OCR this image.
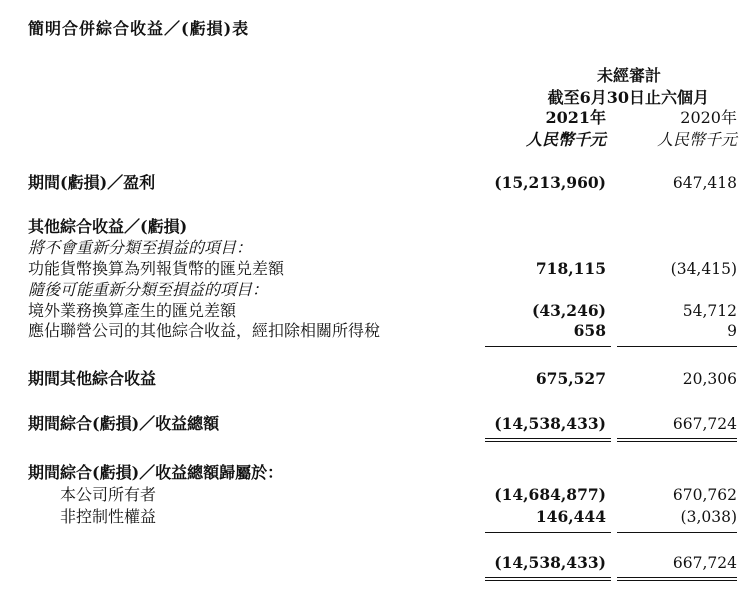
簡明合併綜合收益／(虧損)表
未經審計
截至6月30日止六個月
2021年	2020年
人民幣千元	人民幣千元
期間(虧損)／盈利	(15,213,960)	647,418
其他綜合收益／(虧損)
將不會重新分類至損益的項目：
功能貨幣換算為列報貨幣的匯兑差額	718,115	(34,415)
隨後可能重新分類至損益的項目：
境外業務換算產生的匯兑差額	(43,246)	54,712
應佔聯營公司的其他綜合收益，經扣除相關所得稅	658	9
期間其他綜合收益	675,527	20,306
期間綜合(虧損)／收益總額	(14,538,433)	667,724
期間綜合(虧損)／收益總額歸屬於：
本公司所有者	(14,684,877)	670,762
非控制性權益	146,444	(3,038)
(14,538,433)	667,724
